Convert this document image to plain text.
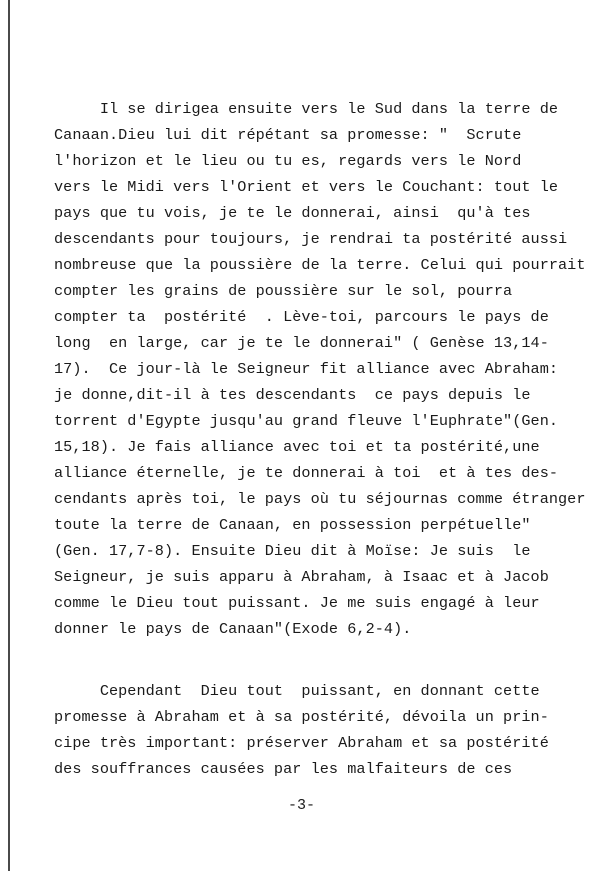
Il se dirigea ensuite vers le Sud dans la terre de
Canaan.Dieu lui dit répétant sa promesse: "  Scrute
l'horizon et le lieu ou tu es, regards vers le Nord
vers le Midi vers l'Orient et vers le Couchant: tout le
pays que tu vois, je te le donnerai, ainsi  qu'à tes
descendants pour toujours, je rendrai ta postérité aussi
nombreuse que la poussière de la terre. Celui qui pourrait
compter les grains de poussière sur le sol, pourra
compter ta  postérité  . Lève-toi, parcours le pays de
long  en large, car je te le donnerai" ( Genèse 13,14-
17).  Ce jour-là le Seigneur fit alliance avec Abraham:
je donne,dit-il à tes descendants  ce pays depuis le
torrent d'Egypte jusqu'au grand fleuve l'Euphrate"(Gen.
15,18). Je fais alliance avec toi et ta postérité,une
alliance éternelle, je te donnerai à toi  et à tes des-
cendants après toi, le pays où tu séjournas comme étranger
toute la terre de Canaan, en possession perpétuelle"
(Gen. 17,7-8). Ensuite Dieu dit à Moïse: Je suis  le
Seigneur, je suis apparu à Abraham, à Isaac et à Jacob
comme le Dieu tout puissant. Je me suis engagé à leur
donner le pays de Canaan"(Exode 6,2-4).

Cependant  Dieu tout  puissant, en donnant cette
promesse à Abraham et à sa postérité, dévoila un prin-
cipe très important: préserver Abraham et sa postérité
des souffrances causées par les malfaiteurs de ces

-3-
